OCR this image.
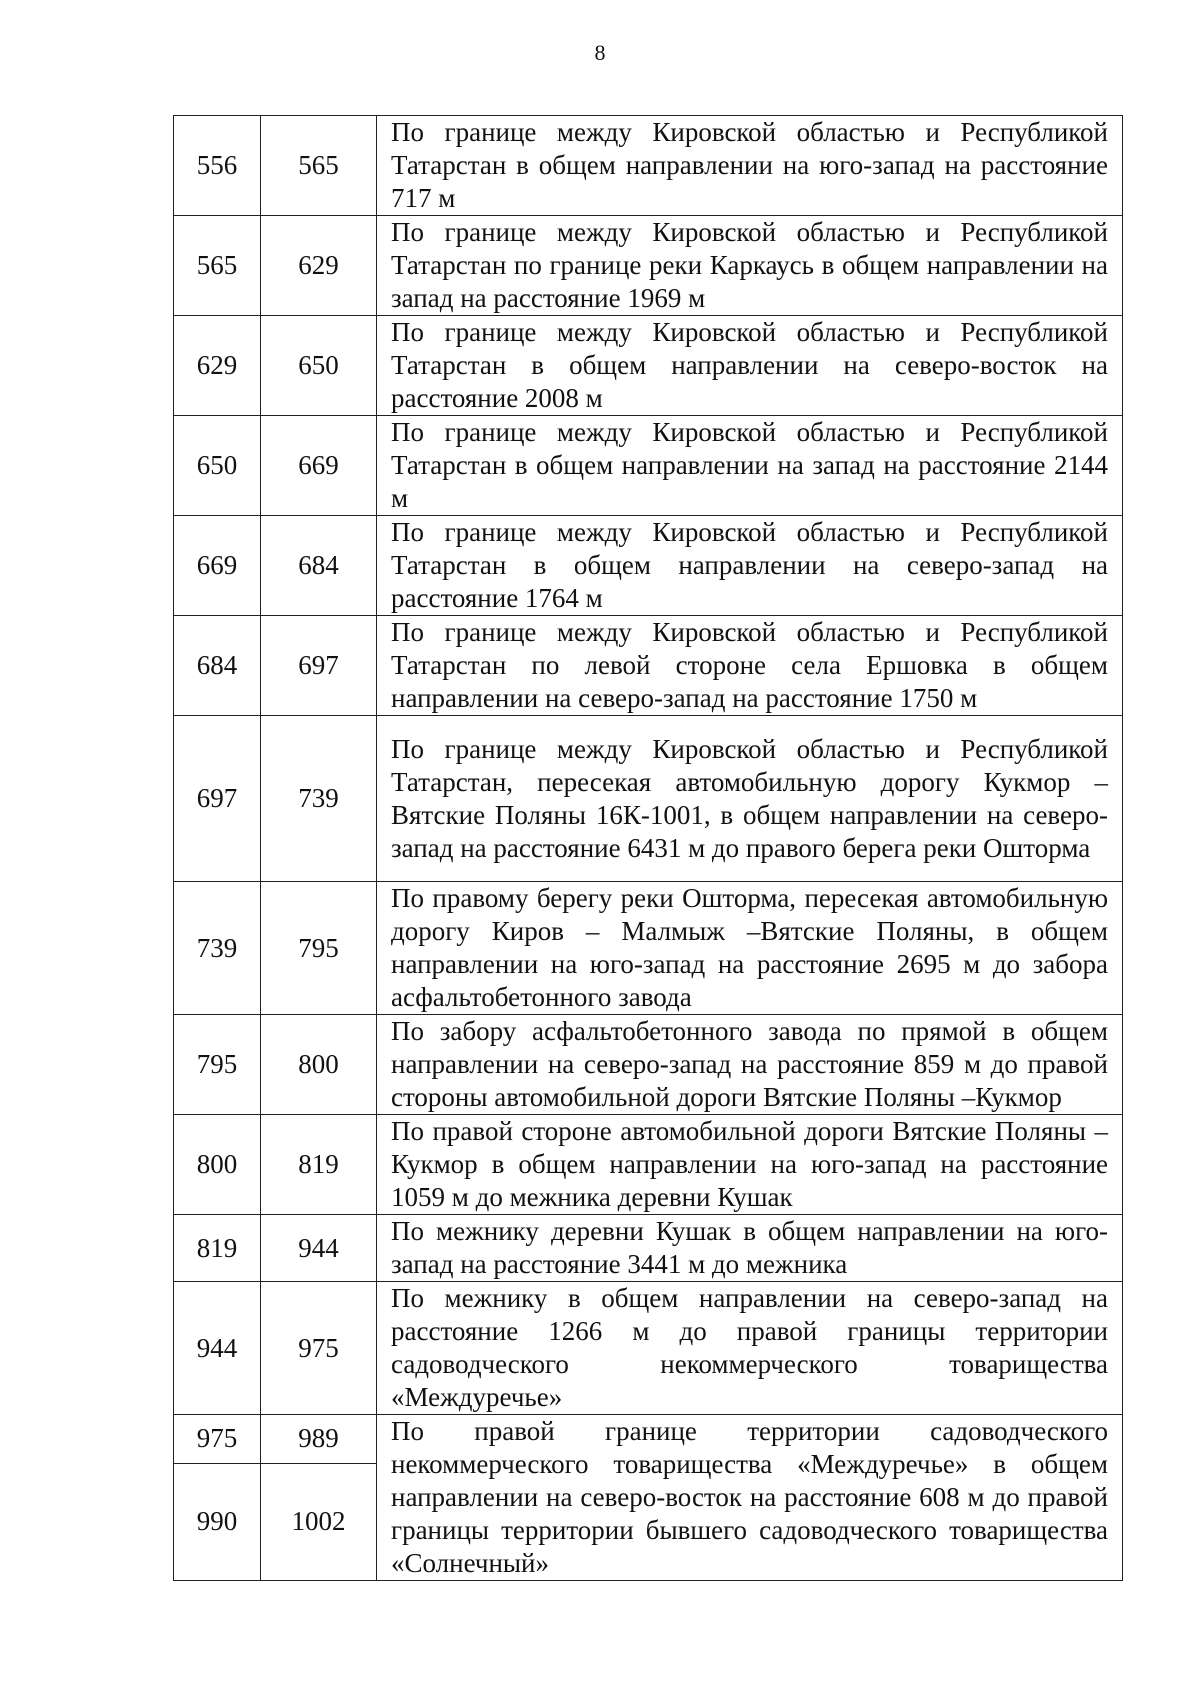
8
556	565	По границе между Кировской областью и Республикой Татарстан в общем направлении на юго-запад на расстояние 717 м
565	629	По границе между Кировской областью и Республикой Татарстан по границе реки Каркаусь в общем направлении на запад на расстояние 1969 м
629	650	По границе между Кировской областью и Республикой Татарстан в общем направлении на северо-восток на расстояние 2008 м
650	669	По границе между Кировской областью и Республикой Татарстан в общем направлении на запад на расстояние 2144 м
669	684	По границе между Кировской областью и Республикой Татарстан в общем направлении на северо-запад на расстояние 1764 м
684	697	По границе между Кировской областью и Республикой Татарстан по левой стороне села Ершовка в общем направлении на северо-запад на расстояние 1750 м
697	739	По границе между Кировской областью и Республикой Татарстан, пересекая автомобильную дорогу Кукмор – Вятские Поляны 16К-1001, в общем направлении на северо-запад на расстояние 6431 м до правого берега реки Ошторма
739	795	По правому берегу реки Ошторма, пересекая автомобильную дорогу Киров – Малмыж –Вятские Поляны, в общем направлении на юго-запад на расстояние 2695 м до забора асфальтобетонного завода
795	800	По забору асфальтобетонного завода по прямой в общем направлении на северо-запад на расстояние 859 м до правой стороны автомобильной дороги Вятские Поляны –Кукмор
800	819	По правой стороне автомобильной дороги Вятские Поляны – Кукмор в общем направлении на юго-запад на расстояние 1059 м до межника деревни Кушак
819	944	По межнику деревни Кушак в общем направлении на юго-запад на расстояние 3441 м до межника
944	975	По межнику в общем направлении на северо-запад на расстояние 1266 м до правой границы территории садоводческого некоммерческого товарищества «Междуречье»
975	989	По правой границе территории садоводческого некоммерческого товарищества «Междуречье» в общем направлении на северо-восток на расстояние 608 м до правой границы территории бывшего садоводческого товарищества «Солнечный»
990	1002	
